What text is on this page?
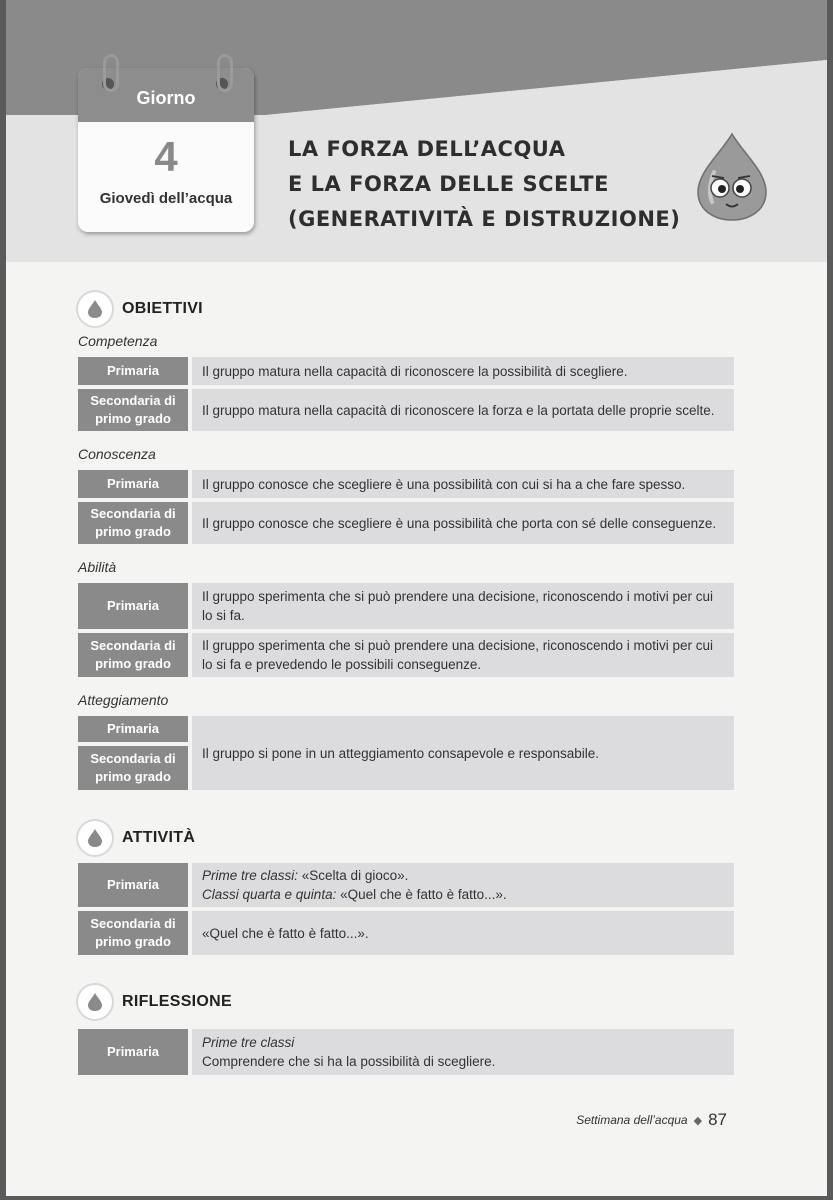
Giorno
4
Giovedì dell’acqua
LA FORZA DELL’ACQUA
E LA FORZA DELLE SCELTE
(GENERATIVITÀ E DISTRUZIONE)
OBIETTIVI
Competenza
Primaria	Il gruppo matura nella capacità di riconoscere la possibilità di scegliere.
Secondaria di primo grado
Il gruppo matura nella capacità di riconoscere la forza e la portata delle proprie scelte.
Conoscenza
Primaria	Il gruppo conosce che scegliere è una possibilità con cui si ha a che fare spesso.
Secondaria di primo grado
Il gruppo conosce che scegliere è una possibilità che porta con sé delle conseguenze.
Abilità
Primaria
Il gruppo sperimenta che si può prendere una decisione, riconoscendo i motivi per cui lo si fa.
Secondaria di primo grado
Il gruppo sperimenta che si può prendere una decisione, riconoscendo i motivi per cui lo si fa e prevedendo le possibili conseguenze.
Atteggiamento
Primaria
Secondaria di primo grado
Il gruppo si pone in un atteggiamento consapevole e responsabile.
ATTIVITÀ
Primaria
Prime tre classi: «Scelta di gioco».
Classi quarta e quinta: «Quel che è fatto è fatto...».
Secondaria di primo grado
«Quel che è fatto è fatto...».
RIFLESSIONE
Primaria
Prime tre classi
Comprendere che si ha la possibilità di scegliere.
Settimana dell’acqua ◆ 87
